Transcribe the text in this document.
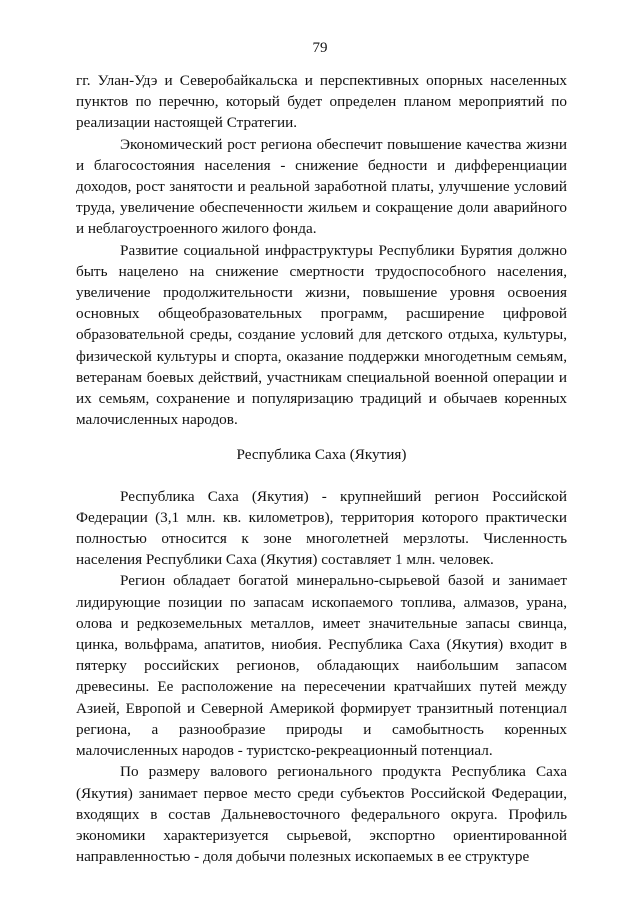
79

гг. Улан-Удэ и Северобайкальска и перспективных опорных населенных пунктов по перечню, который будет определен планом мероприятий по реализации настоящей Стратегии.

Экономический рост региона обеспечит повышение качества жизни и благосостояния населения - снижение бедности и дифференциации доходов, рост занятости и реальной заработной платы, улучшение условий труда, увеличение обеспеченности жильем и сокращение доли аварийного и неблагоустроенного жилого фонда.

Развитие социальной инфраструктуры Республики Бурятия должно быть нацелено на снижение смертности трудоспособного населения, увеличение продолжительности жизни, повышение уровня освоения основных общеобразовательных программ, расширение цифровой образовательной среды, создание условий для детского отдыха, культуры, физической культуры и спорта, оказание поддержки многодетным семьям, ветеранам боевых действий, участникам специальной военной операции и их семьям, сохранение и популяризацию традиций и обычаев коренных малочисленных народов.

Республика Саха (Якутия)

Республика Саха (Якутия) - крупнейший регион Российской Федерации (3,1 млн. кв. километров), территория которого практически полностью относится к зоне многолетней мерзлоты. Численность населения Республики Саха (Якутия) составляет 1 млн. человек.

Регион обладает богатой минерально-сырьевой базой и занимает лидирующие позиции по запасам ископаемого топлива, алмазов, урана, олова и редкоземельных металлов, имеет значительные запасы свинца, цинка, вольфрама, апатитов, ниобия. Республика Саха (Якутия) входит в пятерку российских регионов, обладающих наибольшим запасом древесины. Ее расположение на пересечении кратчайших путей между Азией, Европой и Северной Америкой формирует транзитный потенциал региона, а разнообразие природы и самобытность коренных малочисленных народов - туристско-рекреационный потенциал.

По размеру валового регионального продукта Республика Саха (Якутия) занимает первое место среди субъектов Российской Федерации, входящих в состав Дальневосточного федерального округа. Профиль экономики характеризуется сырьевой, экспортно ориентированной направленностью - доля добычи полезных ископаемых в ее структуре
